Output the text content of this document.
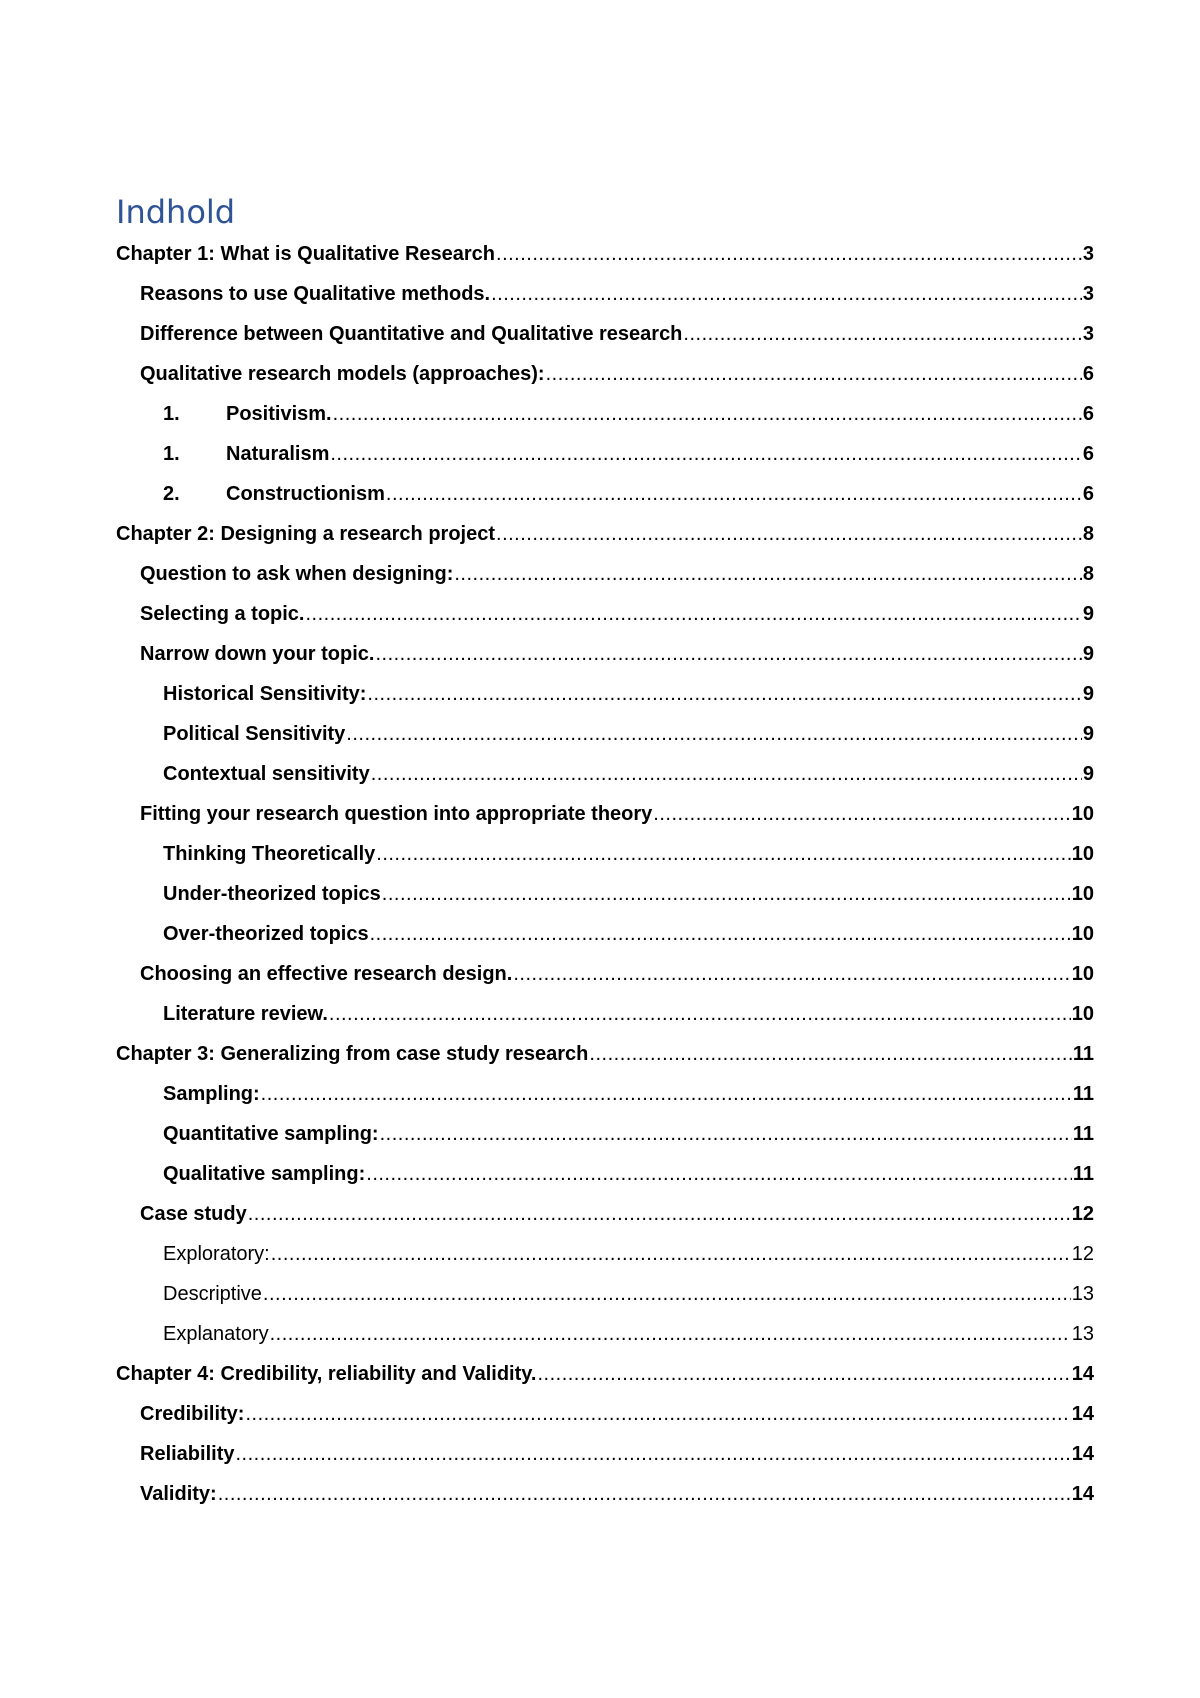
Indhold
Chapter 1: What is Qualitative Research .....	3
Reasons to use Qualitative methods. .....	3
Difference between Quantitative and Qualitative research .....	3
Qualitative research models (approaches): .....	6
1.	Positivism. .....	6
1.	Naturalism .....	6
2.	Constructionism .....	6
Chapter 2: Designing a research project .....	8
Question to ask when designing: .....	8
Selecting a topic. .....	9
Narrow down your topic. .....	9
Historical Sensitivity: .....	9
Political Sensitivity .....	9
Contextual sensitivity .....	9
Fitting your research question into appropriate theory .....	10
Thinking Theoretically .....	10
Under-theorized topics .....	10
Over-theorized topics .....	10
Choosing an effective research design. .....	10
Literature review. .....	10
Chapter 3: Generalizing from case study research .....	11
Sampling: .....	11
Quantitative sampling: .....	11
Qualitative sampling: .....	11
Case study .....	12
Exploratory: .....	12
Descriptive .....	13
Explanatory .....	13
Chapter 4: Credibility, reliability and Validity. .....	14
Credibility: .....	14
Reliability .....	14
Validity: .....	14
